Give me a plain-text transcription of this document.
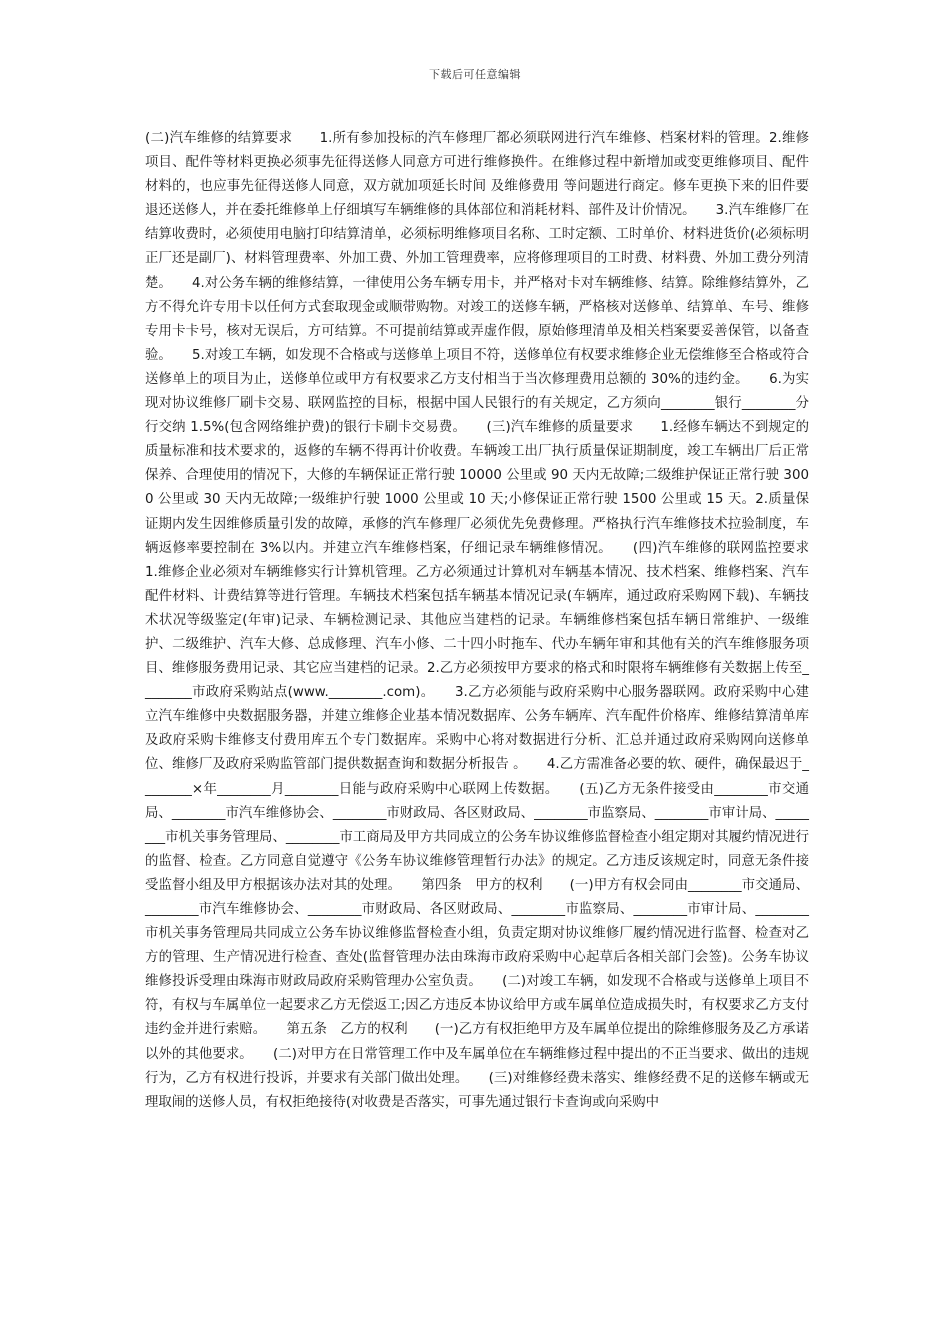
下载后可任意编辑

(二)汽车维修的结算要求　　1.所有参加投标的汽车修理厂都必须联网进行汽车维修、档案材料的管理。2.维修项目、配件等材料更换必须事先征得送修人同意方可进行维修换件。在维修过程中新增加或变更维修项目、配件材料的，也应事先征得送修人同意，双方就加项延长时间 及维修费用 等问题进行商定。修车更换下来的旧件要退还送修人，并在委托维修单上仔细填写车辆维修的具体部位和消耗材料、部件及计价情况。　　3.汽车维修厂在结算收费时，必须使用电脑打印结算清单，必须标明维修项目名称、工时定额、工时单价、材料进货价(必须标明正厂还是副厂)、材料管理费率、外加工费、外加工管理费率，应将修理项目的工时费、材料费、外加工费分列清楚。　　4.对公务车辆的维修结算，一律使用公务车辆专用卡，并严格对卡对车辆维修、结算。除维修结算外，乙方不得允许专用卡以任何方式套取现金或顺带购物。对竣工的送修车辆，严格核对送修单、结算单、车号、维修专用卡卡号，核对无误后，方可结算。不可提前结算或弄虚作假，原始修理清单及相关档案要妥善保管，以备查验。　　5.对竣工车辆，如发现不合格或与送修单上项目不符，送修单位有权要求维修企业无偿维修至合格或符合送修单上的项目为止，送修单位或甲方有权要求乙方支付相当于当次修理费用总额的 30%的违约金。　　6.为实现对协议维修厂刷卡交易、联网监控的目标，根据中国人民银行的有关规定，乙方须向________银行________分行交纳 1.5%(包含网络维护费)的银行卡刷卡交易费。　　(三)汽车维修的质量要求　　1.经修车辆达不到规定的质量标准和技术要求的，返修的车辆不得再计价收费。车辆竣工出厂执行质量保证期制度，竣工车辆出厂后正常保养、合理使用的情况下，大修的车辆保证正常行驶 10000 公里或 90 天内无故障;二级维护保证正常行驶 3000 公里或 30 天内无故障;一级维护行驶 1000 公里或 10 天;小修保证正常行驶 1500 公里或 15 天。2.质量保证期内发生因维修质量引发的故障，承修的汽车修理厂必须优先免费修理。严格执行汽车维修技术拉验制度，车辆返修率要控制在 3%以内。并建立汽车维修档案，仔细记录车辆维修情况。　　(四)汽车维修的联网监控要求　　1.维修企业必须对车辆维修实行计算机管理。乙方必须通过计算机对车辆基本情况、技术档案、维修档案、汽车配件材料、计费结算等进行管理。车辆技术档案包括车辆基本情况记录(车辆库，通过政府采购网下载)、车辆技术状况等级鉴定(年审)记录、车辆检测记录、其他应当建档的记录。车辆维修档案包括车辆日常维护、一级维护、二级维护、汽车大修、总成修理、汽车小修、二十四小时拖车、代办车辆年审和其他有关的汽车维修服务项目、维修服务费用记录、其它应当建档的记录。2.乙方必须按甲方要求的格式和时限将车辆维修有关数据上传至________市政府采购站点(www.________.com)。　　3.乙方必须能与政府采购中心服务器联网。政府采购中心建立汽车维修中央数据服务器，并建立维修企业基本情况数据库、公务车辆库、汽车配件价格库、维修结算清单库及政府采购卡维修支付费用库五个专门数据库。采购中心将对数据进行分析、汇总并通过政府采购网向送修单位、维修厂及政府采购监管部门提供数据查询和数据分析报告 。　　4.乙方需准备必要的软、硬件，确保最迟于________×年________月________日能与政府采购中心联网上传数据。　　(五)乙方无条件接受由________市交通局、________市汽车维修协会、________市财政局、各区财政局、________市监察局、________市审计局、________市机关事务管理局、________市工商局及甲方共同成立的公务车协议维修监督检查小组定期对其履约情况进行的监督、检查。乙方同意自觉遵守《公务车协议维修管理暂行办法》的规定。乙方违反该规定时，同意无条件接受监督小组及甲方根据该办法对其的处理。　　第四条　甲方的权利　　(一)甲方有权会同由________市交通局、________市汽车维修协会、________市财政局、各区财政局、________市监察局、________市审计局、________市机关事务管理局共同成立公务车协议维修监督检查小组，负责定期对协议维修厂履约情况进行监督、检查对乙方的管理、生产情况进行检查、查处(监督管理办法由珠海市政府采购中心起草后各相关部门会签)。公务车协议维修投诉受理由珠海市财政局政府采购管理办公室负责。　　(二)对竣工车辆，如发现不合格或与送修单上项目不符，有权与车属单位一起要求乙方无偿返工;因乙方违反本协议给甲方或车属单位造成损失时，有权要求乙方支付违约金并进行索赔。　　第五条　乙方的权利　　(一)乙方有权拒绝甲方及车属单位提出的除维修服务及乙方承诺以外的其他要求。　　(二)对甲方在日常管理工作中及车属单位在车辆维修过程中提出的不正当要求、做出的违规行为，乙方有权进行投诉，并要求有关部门做出处理。　　(三)对维修经费未落实、维修经费不足的送修车辆或无理取闹的送修人员，有权拒绝接待(对收费是否落实，可事先通过银行卡查询或向采购中
